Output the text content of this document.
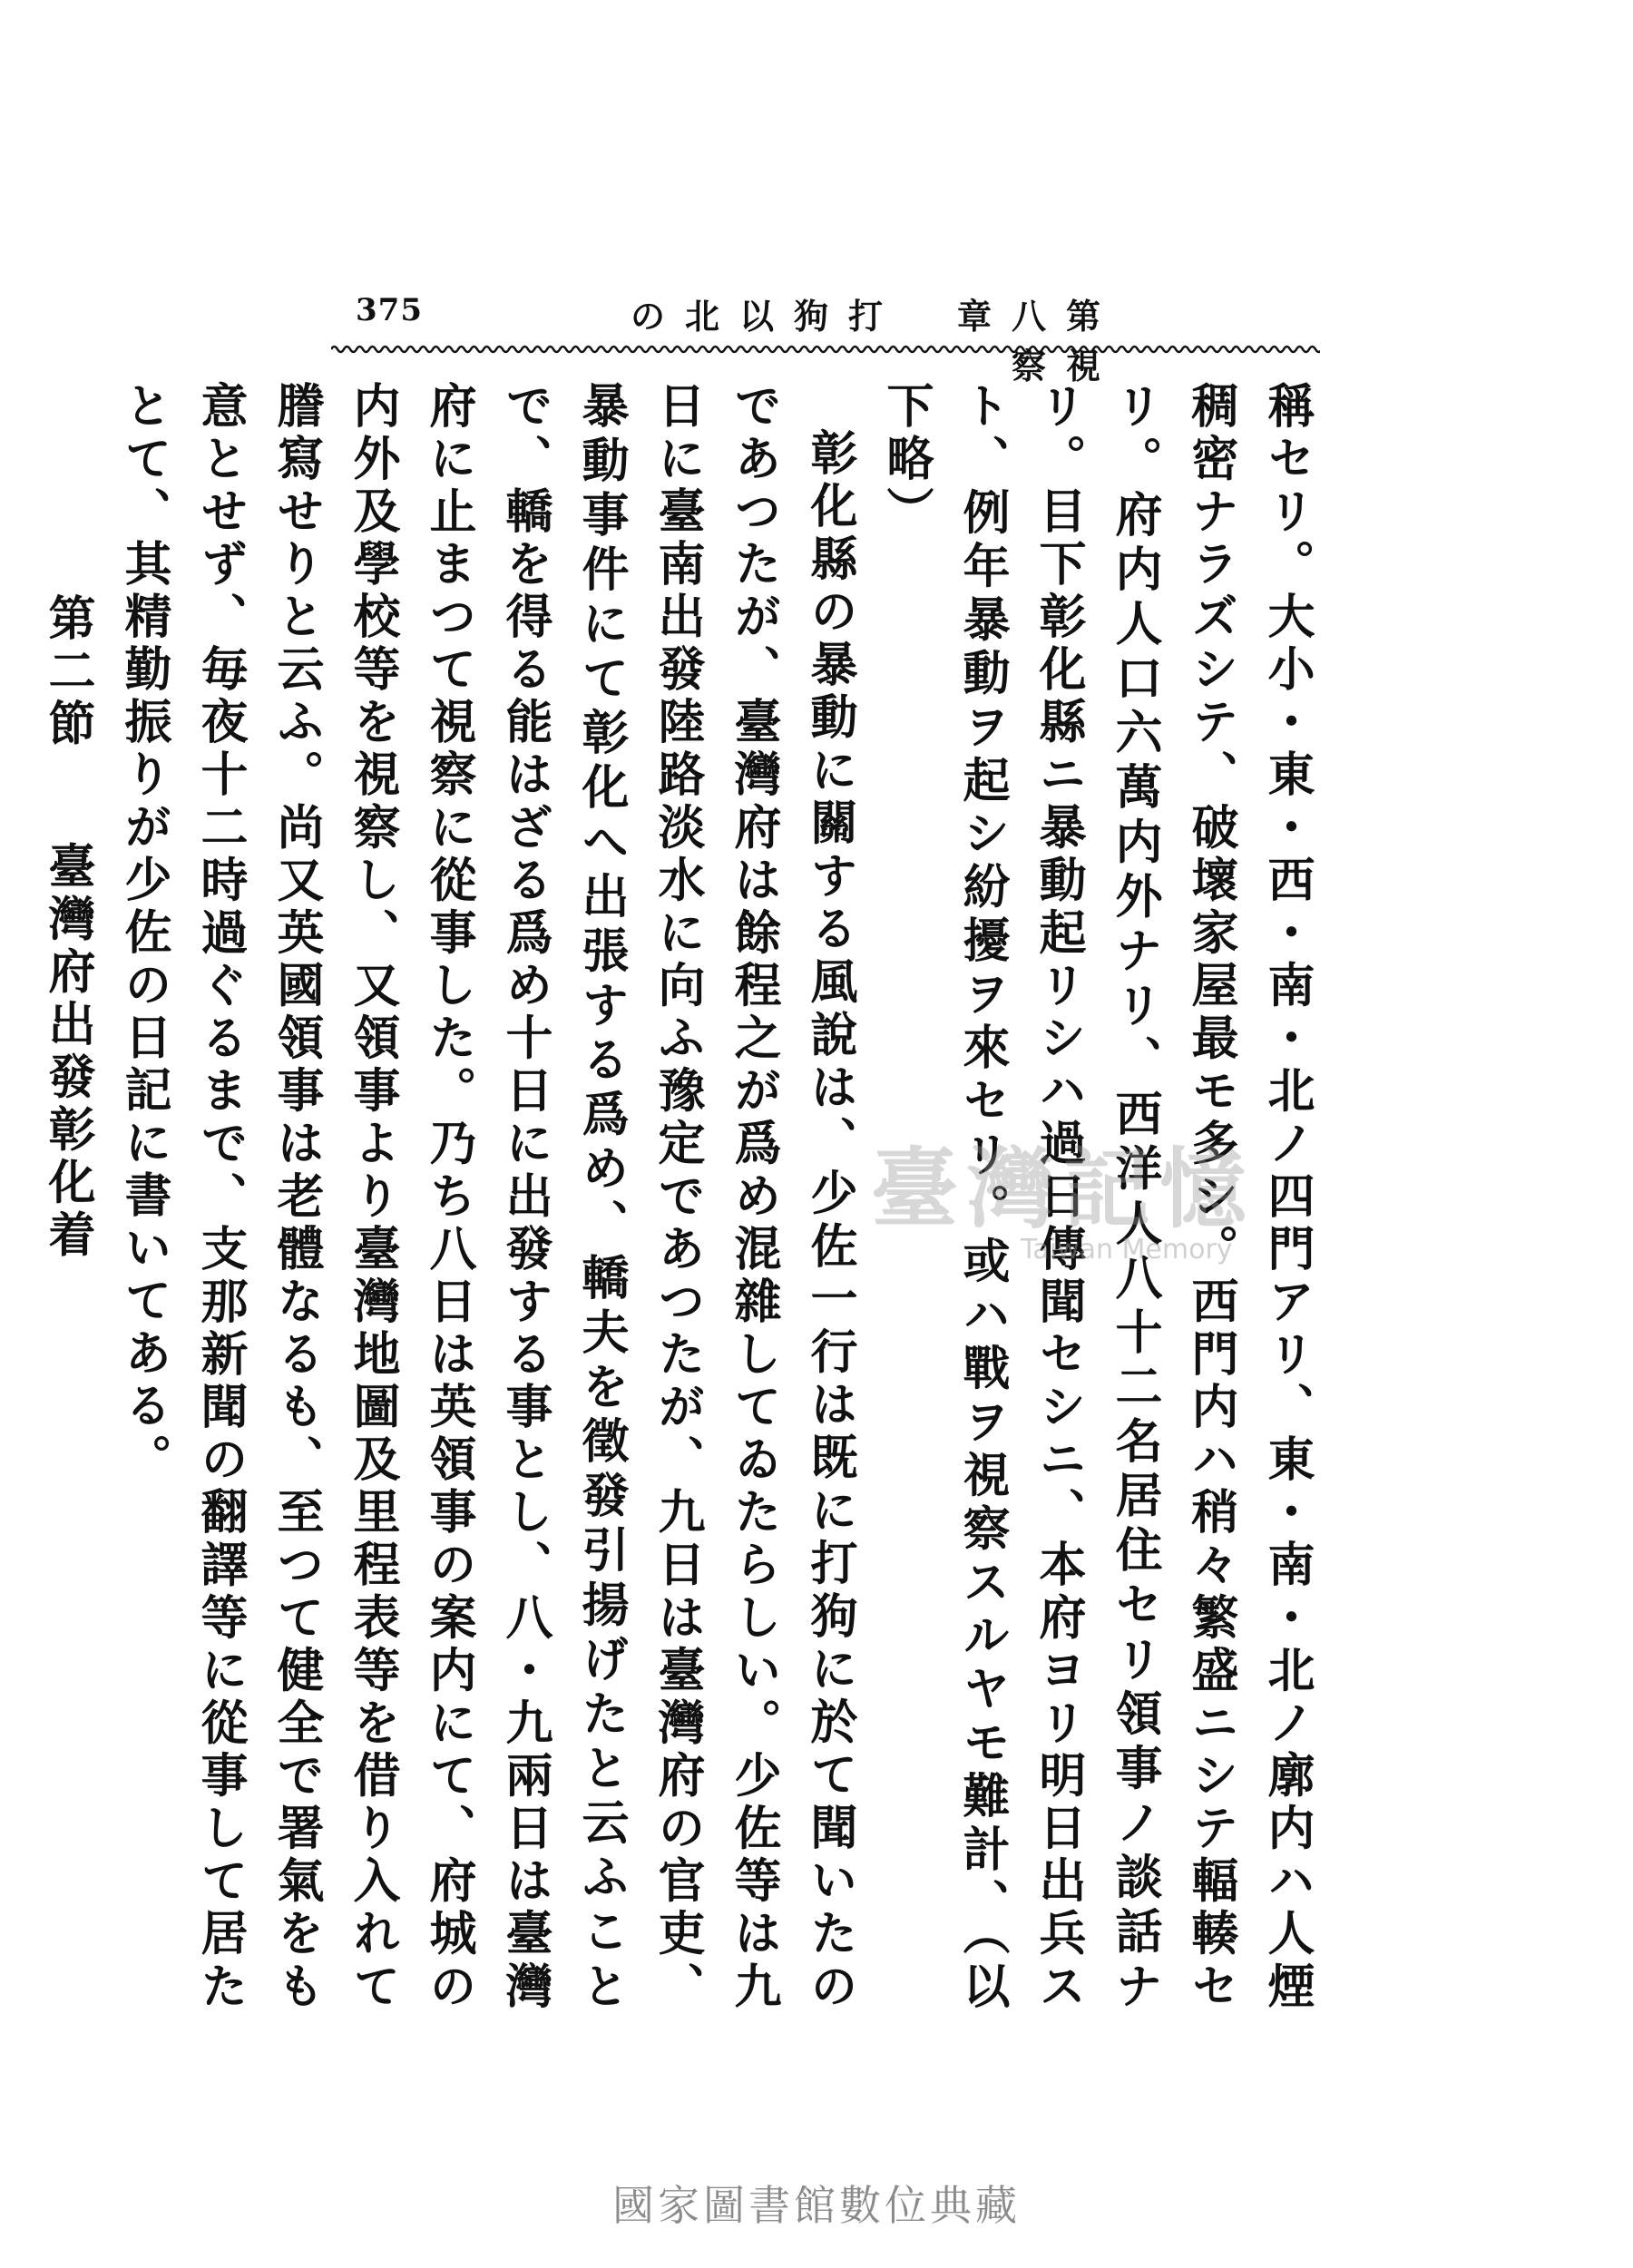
375	第八章　打狗以北の視察

稱セリ。大小・東・西・南・北ノ四門アリ、東・南・北ノ廓内ハ人煙稠密ナラズシテ、破壞家屋最モ多シ。西門内ハ稍々繁盛ニシテ輻輳セリ。府内人口六萬内外ナリ、西洋人八十二名居住セリ領事ノ談話ナリ。目下彰化縣ニ暴動起リシハ過日傳聞セシニ、本府ヨリ明日出兵スト、例年暴動ヲ起シ紛擾ヲ來セリ。或ハ戰ヲ視察スルヤモ難計、（以下略）

彰化縣の暴動に關する風說は、少佐一行は既に打狗に於て聞いたのであつたが、臺灣府は餘程之が爲め混雜してゐたらしい。少佐等は九日に臺南出發陸路淡水に向ふ豫定であつたが、九日は臺灣府の官吏、暴動事件にて彰化へ出張する爲め、轎夫を徵發引揚げたと云ふことで、轎を得る能はざる爲め十日に出發する事とし、八・九兩日は臺灣府に止まつて視察に從事した。乃ち八日は英領事の案内にて、府城の内外及學校等を視察し、又領事より臺灣地圖及里程表等を借り入れて謄寫せりと云ふ。尚又英國領事は老體なるも、至つて健全で署氣をも意とせず、毎夜十二時過ぐるまで、支那新聞の翻譯等に從事して居たとて、其精勤振りが少佐の日記に書いてある。

第二節　臺灣府出發彰化着	臺灣記憶
Taiwan Memory
國家圖書館數位典藏
